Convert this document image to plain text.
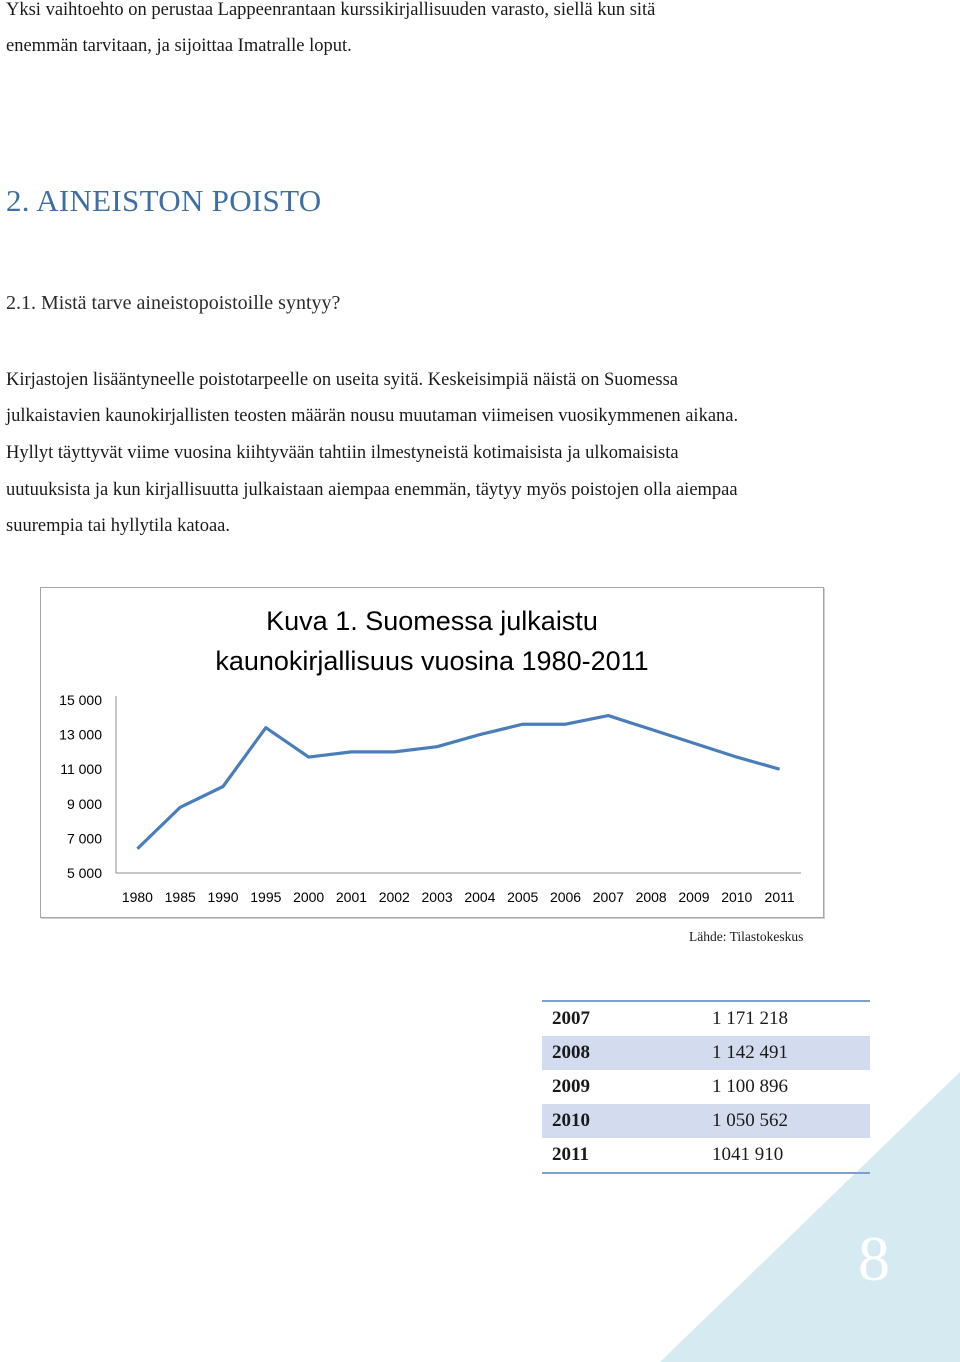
Yksi vaihtoehto on perustaa Lappeenrantaan kurssikirjallisuuden varasto, siellä kun sitä
enemmän tarvitaan, ja sijoittaa Imatralle loput.
2. AINEISTON POISTO
2.1. Mistä tarve aineistopoistoille syntyy?
Kirjastojen lisääntyneelle poistotarpeelle on useita syitä. Keskeisimpiä näistä on Suomessa
julkaistavien kaunokirjallisten teosten määrän nousu muutaman viimeisen vuosikymmenen aikana.
Hyllyt täyttyvät viime vuosina kiihtyvään tahtiin ilmestyneistä kotimaisista ja ulkomaisista
uutuuksista ja kun kirjallisuutta julkaistaan aiempaa enemmän, täytyy myös poistojen olla aiempaa
suurempia tai hyllytila katoaa.
Kuva 1. Suomessa julkaistu
kaunokirjallisuus vuosina 1980-2011
15 000
13 000
11 000
9 000
7 000
5 000
1980 1985 1990 1995 2000 2001 2002 2003 2004 2005 2006 2007 2008 2009 2010 2011
Lähde: Tilastokeskus
2007	1 171 218
2008	1 142 491
2009	1 100 896
2010	1 050 562
2011	1041 910
8
